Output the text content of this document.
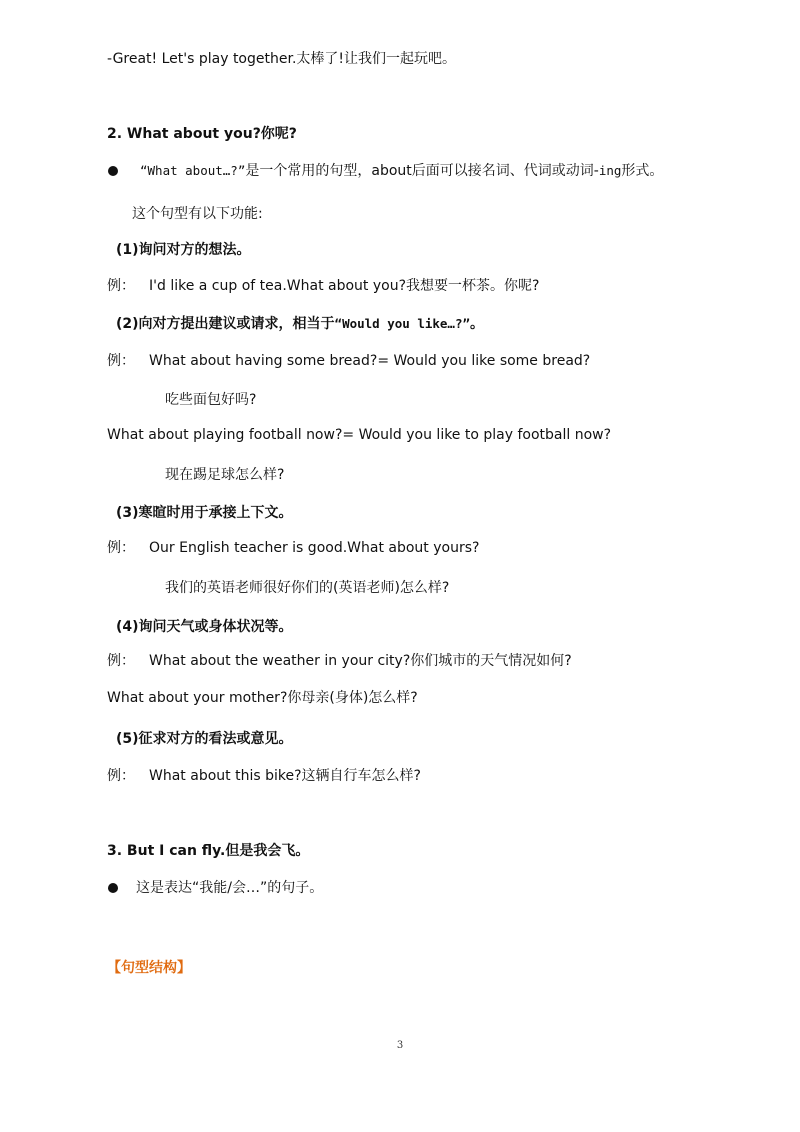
-Great! Let's play together.太棒了!让我们一起玩吧。
2. What about you?你呢?
“What about…?”是一个常用的句型，about后面可以接名词、代词或动词-ing形式。
这个句型有以下功能:
(1)询问对方的想法。
例： I'd like a cup of tea.What about you?我想要一杯茶。你呢?
(2)向对方提出建议或请求，相当于“Would you like…?”。
例： What about having some bread?= Would you like some bread?
吃些面包好吗?
What about playing football now?= Would you like to play football now?
现在踢足球怎么样?
(3)寒暄时用于承接上下文。
例： Our English teacher is good.What about yours?
我们的英语老师很好你们的(英语老师)怎么样?
(4)询问天气或身体状况等。
例： What about the weather in your city?你们城市的天气情况如何?
What about your mother?你母亲(身体)怎么样?
(5)征求对方的看法或意见。
例： What about this bike?这辆自行车怎么样?
3. But I can fly.但是我会飞。
这是表达“我能/会…”的句子。
【句型结构】
3
